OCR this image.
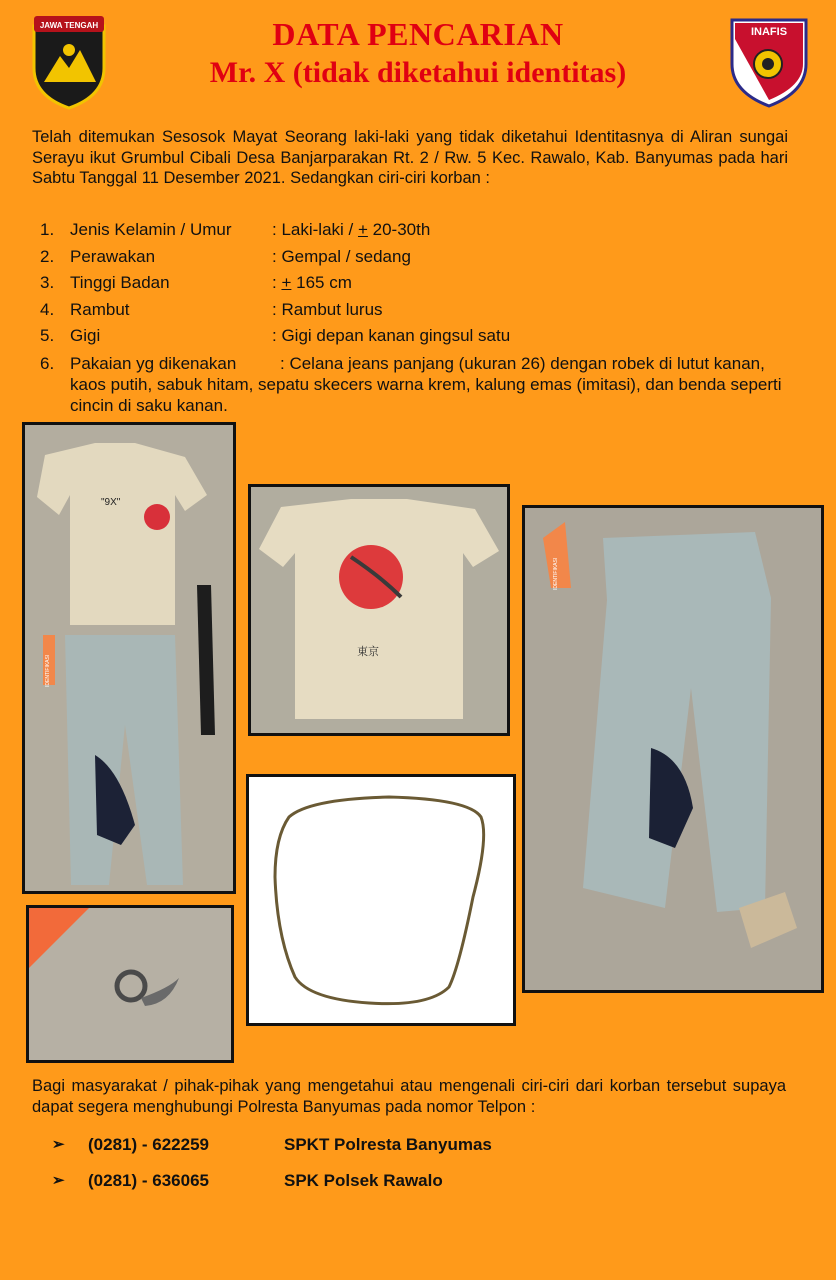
JAWA TENGAH	DATA PENCARIAN
Mr. X (tidak diketahui identitas)
INAFIS

Telah ditemukan Sesosok Mayat Seorang laki-laki yang tidak diketahui Identitasnya di Aliran sungai Serayu ikut Grumbul Cibali Desa Banjarparakan Rt. 2 / Rw. 5 Kec. Rawalo, Kab. Banyumas pada hari Sabtu Tanggal 11 Desember 2021. Sedangkan ciri-ciri korban :

1. Jenis Kelamin / Umur : Laki-laki / + 20-30th
2. Perawakan	: Gempal / sedang
3. Tinggi Badan	: + 165 cm
4. Rambut	: Rambut lurus
5. Gigi	: Gigi depan kanan gingsul satu
6. Pakaian yg dikenakan	: Celana jeans panjang (ukuran 26) dengan robek di lutut kanan, kaos putih, sabuk hitam, sepatu skecers warna krem, kalung emas (imitasi), dan benda seperti cincin di saku kanan.
"9X"
IDENTIFIKASI
東京
IDENTIFIKASI

Bagi masyarakat / pihak-pihak yang mengetahui atau mengenali ciri-ciri dari korban tersebut supaya dapat segera menghubungi Polresta Banyumas pada nomor Telpon :

➢ (0281) - 622259	SPKT Polresta Banyumas
➢ (0281) - 636065	SPK Polsek Rawalo
